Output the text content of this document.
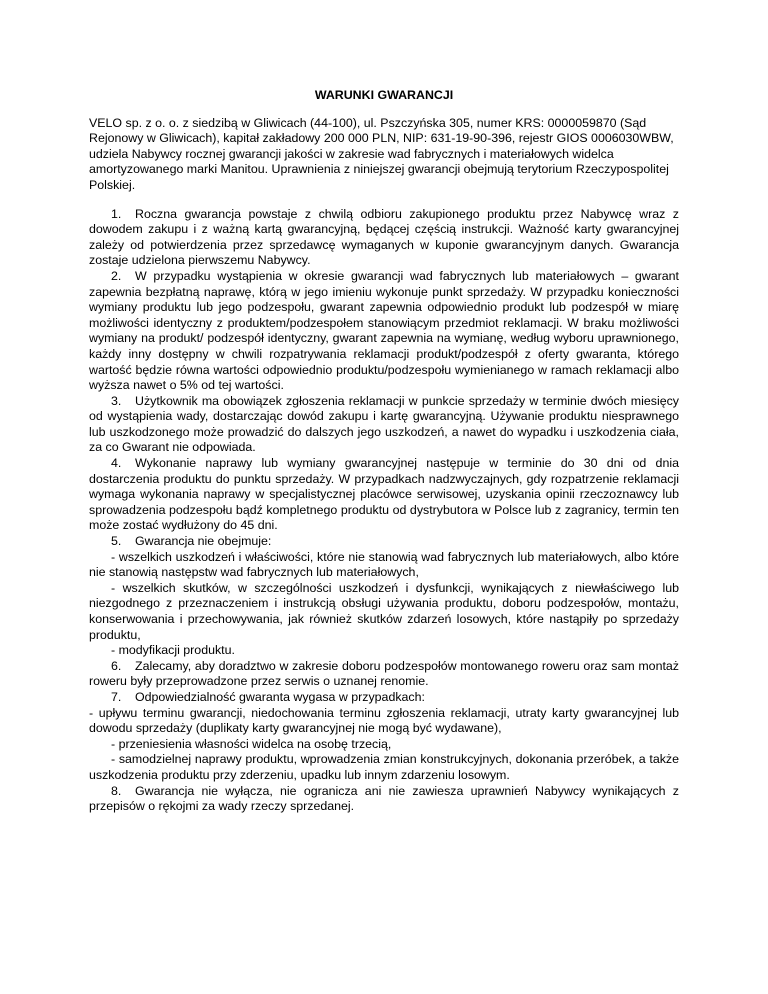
WARUNKI GWARANCJI
VELO sp. z o. o. z siedzibą w Gliwicach (44-100), ul. Pszczyńska 305, numer KRS: 0000059870 (Sąd Rejonowy w Gliwicach), kapitał zakładowy 200 000 PLN, NIP: 631-19-90-396, rejestr GIOS 0006030WBW, udziela Nabywcy rocznej gwarancji jakości w zakresie wad fabrycznych i materiałowych widelca amortyzowanego marki Manitou. Uprawnienia z niniejszej gwarancji obejmują terytorium Rzeczypospolitej Polskiej.

1. Roczna gwarancja powstaje z chwilą odbioru zakupionego produktu przez Nabywcę wraz z dowodem zakupu i z ważną kartą gwarancyjną, będącej częścią instrukcji. Ważność karty gwarancyjnej zależy od potwierdzenia przez sprzedawcę wymaganych w kuponie gwarancyjnym danych. Gwarancja zostaje udzielona pierwszemu Nabywcy.

2. W przypadku wystąpienia w okresie gwarancji wad fabrycznych lub materiałowych – gwarant zapewnia bezpłatną naprawę, którą w jego imieniu wykonuje punkt sprzedaży. W przypadku konieczności wymiany produktu lub jego podzespołu, gwarant zapewnia odpowiednio produkt lub podzespół w miarę możliwości identyczny z produktem/podzespołem stanowiącym przedmiot reklamacji. W braku możliwości wymiany na produkt/ podzespół identyczny, gwarant zapewnia na wymianę, według wyboru uprawnionego, każdy inny dostępny w chwili rozpatrywania reklamacji produkt/podzespół z oferty gwaranta, którego wartość będzie równa wartości odpowiednio produktu/podzespołu wymienianego w ramach reklamacji albo wyższa nawet o 5% od tej wartości.

3. Użytkownik ma obowiązek zgłoszenia reklamacji w punkcie sprzedaży w terminie dwóch miesięcy od wystąpienia wady, dostarczając dowód zakupu i kartę gwarancyjną. Używanie produktu niesprawnego lub uszkodzonego może prowadzić do dalszych jego uszkodzeń, a nawet do wypadku i uszkodzenia ciała, za co Gwarant nie odpowiada.

4. Wykonanie naprawy lub wymiany gwarancyjnej następuje w terminie do 30 dni od dnia dostarczenia produktu do punktu sprzedaży. W przypadkach nadzwyczajnych, gdy rozpatrzenie reklamacji wymaga wykonania naprawy w specjalistycznej placówce serwisowej, uzyskania opinii rzeczoznawcy lub sprowadzenia podzespołu bądź kompletnego produktu od dystrybutora w Polsce lub z zagranicy, termin ten może zostać wydłużony do 45 dni.

5. Gwarancja nie obejmuje:

- wszelkich uszkodzeń i właściwości, które nie stanowią wad fabrycznych lub materiałowych, albo które nie stanowią następstw wad fabrycznych lub materiałowych,

- wszelkich skutków, w szczególności uszkodzeń i dysfunkcji, wynikających z niewłaściwego lub niezgodnego z przeznaczeniem i instrukcją obsługi używania produktu, doboru podzespołów, montażu, konserwowania i przechowywania, jak również skutków zdarzeń losowych, które nastąpiły po sprzedaży produktu,

- modyfikacji produktu.

6. Zalecamy, aby doradztwo w zakresie doboru podzespołów montowanego roweru oraz sam montaż roweru były przeprowadzone przez serwis o uznanej renomie.

7. Odpowiedzialność gwaranta wygasa w przypadkach:

- upływu terminu gwarancji, niedochowania terminu zgłoszenia reklamacji, utraty karty gwarancyjnej lub dowodu sprzedaży (duplikaty karty gwarancyjnej nie mogą być wydawane),

- przeniesienia własności widelca na osobę trzecią,

- samodzielnej naprawy produktu, wprowadzenia zmian konstrukcyjnych, dokonania przeróbek, a także uszkodzenia produktu przy zderzeniu, upadku lub innym zdarzeniu losowym.

8. Gwarancja nie wyłącza, nie ogranicza ani nie zawiesza uprawnień Nabywcy wynikających z przepisów o rękojmi za wady rzeczy sprzedanej.
